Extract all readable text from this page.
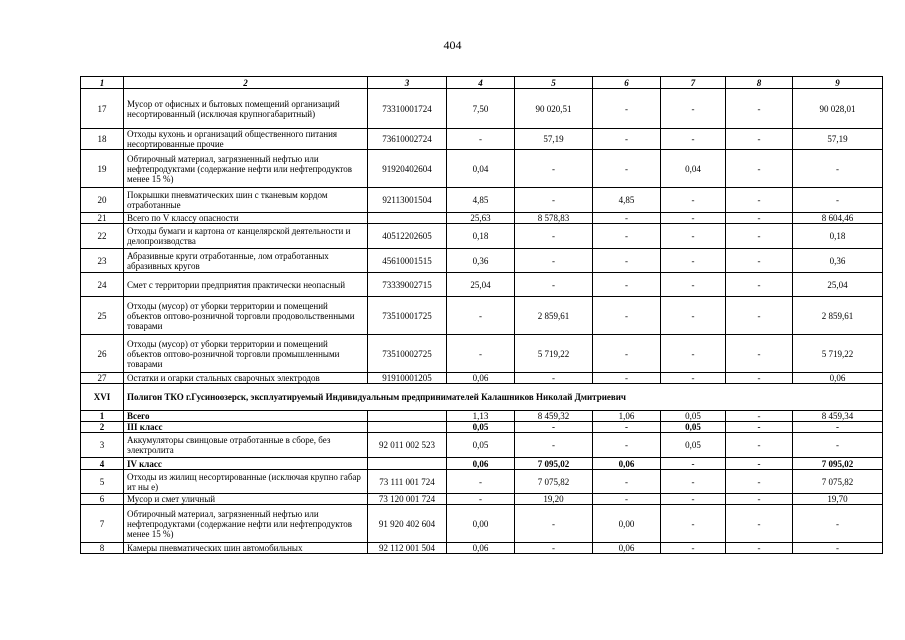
404
1	2	3	4	5	6	7	8	9
17	Мусор от офисных и бытовых помещений организаций несортированный (исключая крупногабаритный)	73310001724	7,50	90 020,51	-	-	-	90 028,01
18	Отходы кухонь и организаций общественного питания несортированные прочие	73610002724	-	57,19	-	-	-	57,19
19	Обтирочный материал, загрязненный нефтью или нефтепродуктами (содержание нефти или нефтепродуктов менее 15 %)	91920402604	0,04	-	-	0,04	-	-
20	Покрышки пневматических шин с тканевым кордом отработанные	92113001504	4,85	-	4,85	-	-	-
21	Всего по V классу опасности		25,63	8 578,83	-	-	-	8 604,46
22	Отходы бумаги и картона от канцелярской деятельности и делопроизводства	40512202605	0,18	-	-	-	-	0,18
23	Абразивные круги отработанные, лом отработанных абразивных кругов	45610001515	0,36	-	-	-	-	0,36
24	Смет с территории предприятия практически неопасный	73339002715	25,04	-	-	-	-	25,04
25	Отходы (мусор) от уборки территории и помещений объектов оптово-розничной торговли продовольственными товарами	73510001725	-	2 859,61	-	-	-	2 859,61
26	Отходы (мусор) от уборки территории и помещений объектов оптово-розничной торговли промышленными товарами	73510002725	-	5 719,22	-	-	-	5 719,22
27	Остатки и огарки стальных сварочных электродов	91910001205	0,06	-	-	-	-	0,06
XVI	Полигон ТКО г.Гусиноозерск, эксплуатируемый Индивидуальным предпринимателей Калашников Николай Дмитриевич							
1	Всего		1,13	8 459,32	1,06	0,05	-	8 459,34
2	III класс		0,05	-	-	0,05	-	-
3	Аккумуляторы свинцовые отработанные в сборе, без электролита	92 011 002 523	0,05	-	-	0,05	-	-
4	IV класс		0,06	7 095,02	0,06	-	-	7 095,02
5	Отходы из жилищ несортированные (исключая крупно габар ит ны е)	73 111 001 724	-	7 075,82	-	-	-	7 075,82
6	Мусор и смет уличный	73 120 001 724	-	19,20	-	-	-	19,70
7	Обтирочный материал, загрязненный нефтью или нефтепродуктами (содержание нефти или нефтепродуктов менее 15 %)	91 920 402 604	0,00	-	0,00	-	-	-
8	Камеры пневматических шин автомобильных	92 112 001 504	0,06	-	0,06	-	-	-
